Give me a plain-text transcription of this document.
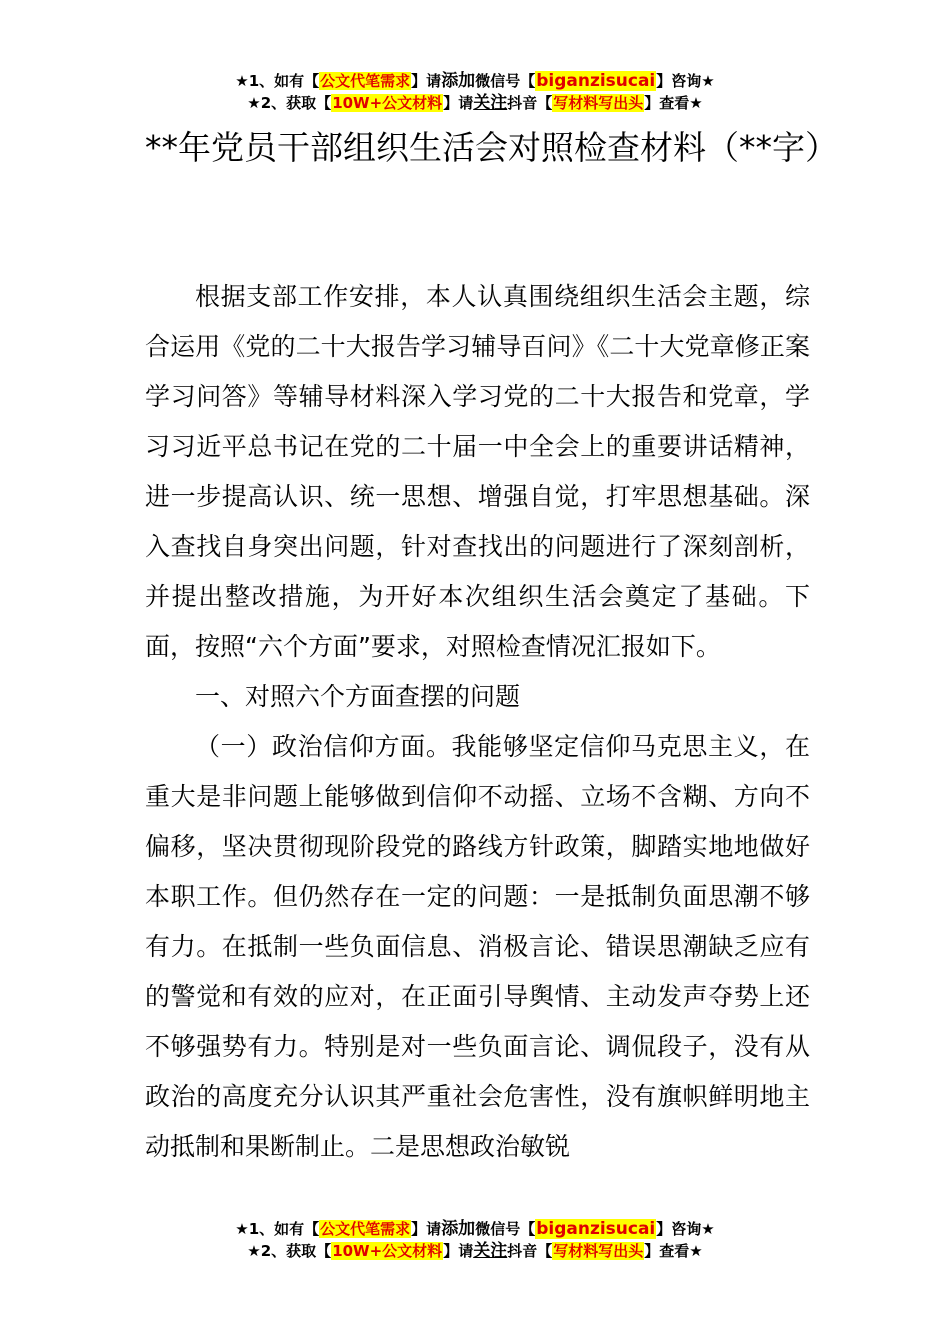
★1、如有【公文代笔需求】请添加微信号【biganzisucai】咨询★
★2、获取【10W+公文材料】请关注抖音【写材料写出头】查看★
**年党员干部组织生活会对照检查材料（**字）

根据支部工作安排，本人认真围绕组织生活会主题，综合运用《党的二十大报告学习辅导百问》《二十大党章修正案学习问答》等辅导材料深入学习党的二十大报告和党章，学习习近平总书记在党的二十届一中全会上的重要讲话精神，进一步提高认识、统一思想、增强自觉，打牢思想基础。深入查找自身突出问题，针对查找出的问题进行了深刻剖析，并提出整改措施，为开好本次组织生活会奠定了基础。下面，按照“六个方面”要求，对照检查情况汇报如下。

一、对照六个方面查摆的问题

（一）政治信仰方面。我能够坚定信仰马克思主义，在重大是非问题上能够做到信仰不动摇、立场不含糊、方向不偏移，坚决贯彻现阶段党的路线方针政策，脚踏实地地做好本职工作。但仍然存在一定的问题：一是抵制负面思潮不够有力。在抵制一些负面信息、消极言论、错误思潮缺乏应有的警觉和有效的应对，在正面引导舆情、主动发声夺势上还不够强势有力。特别是对一些负面言论、调侃段子，没有从政治的高度充分认识其严重社会危害性，没有旗帜鲜明地主动抵制和果断制止。二是思想政治敏锐

★1、如有【公文代笔需求】请添加微信号【biganzisucai】咨询★
★2、获取【10W+公文材料】请关注抖音【写材料写出头】查看★
